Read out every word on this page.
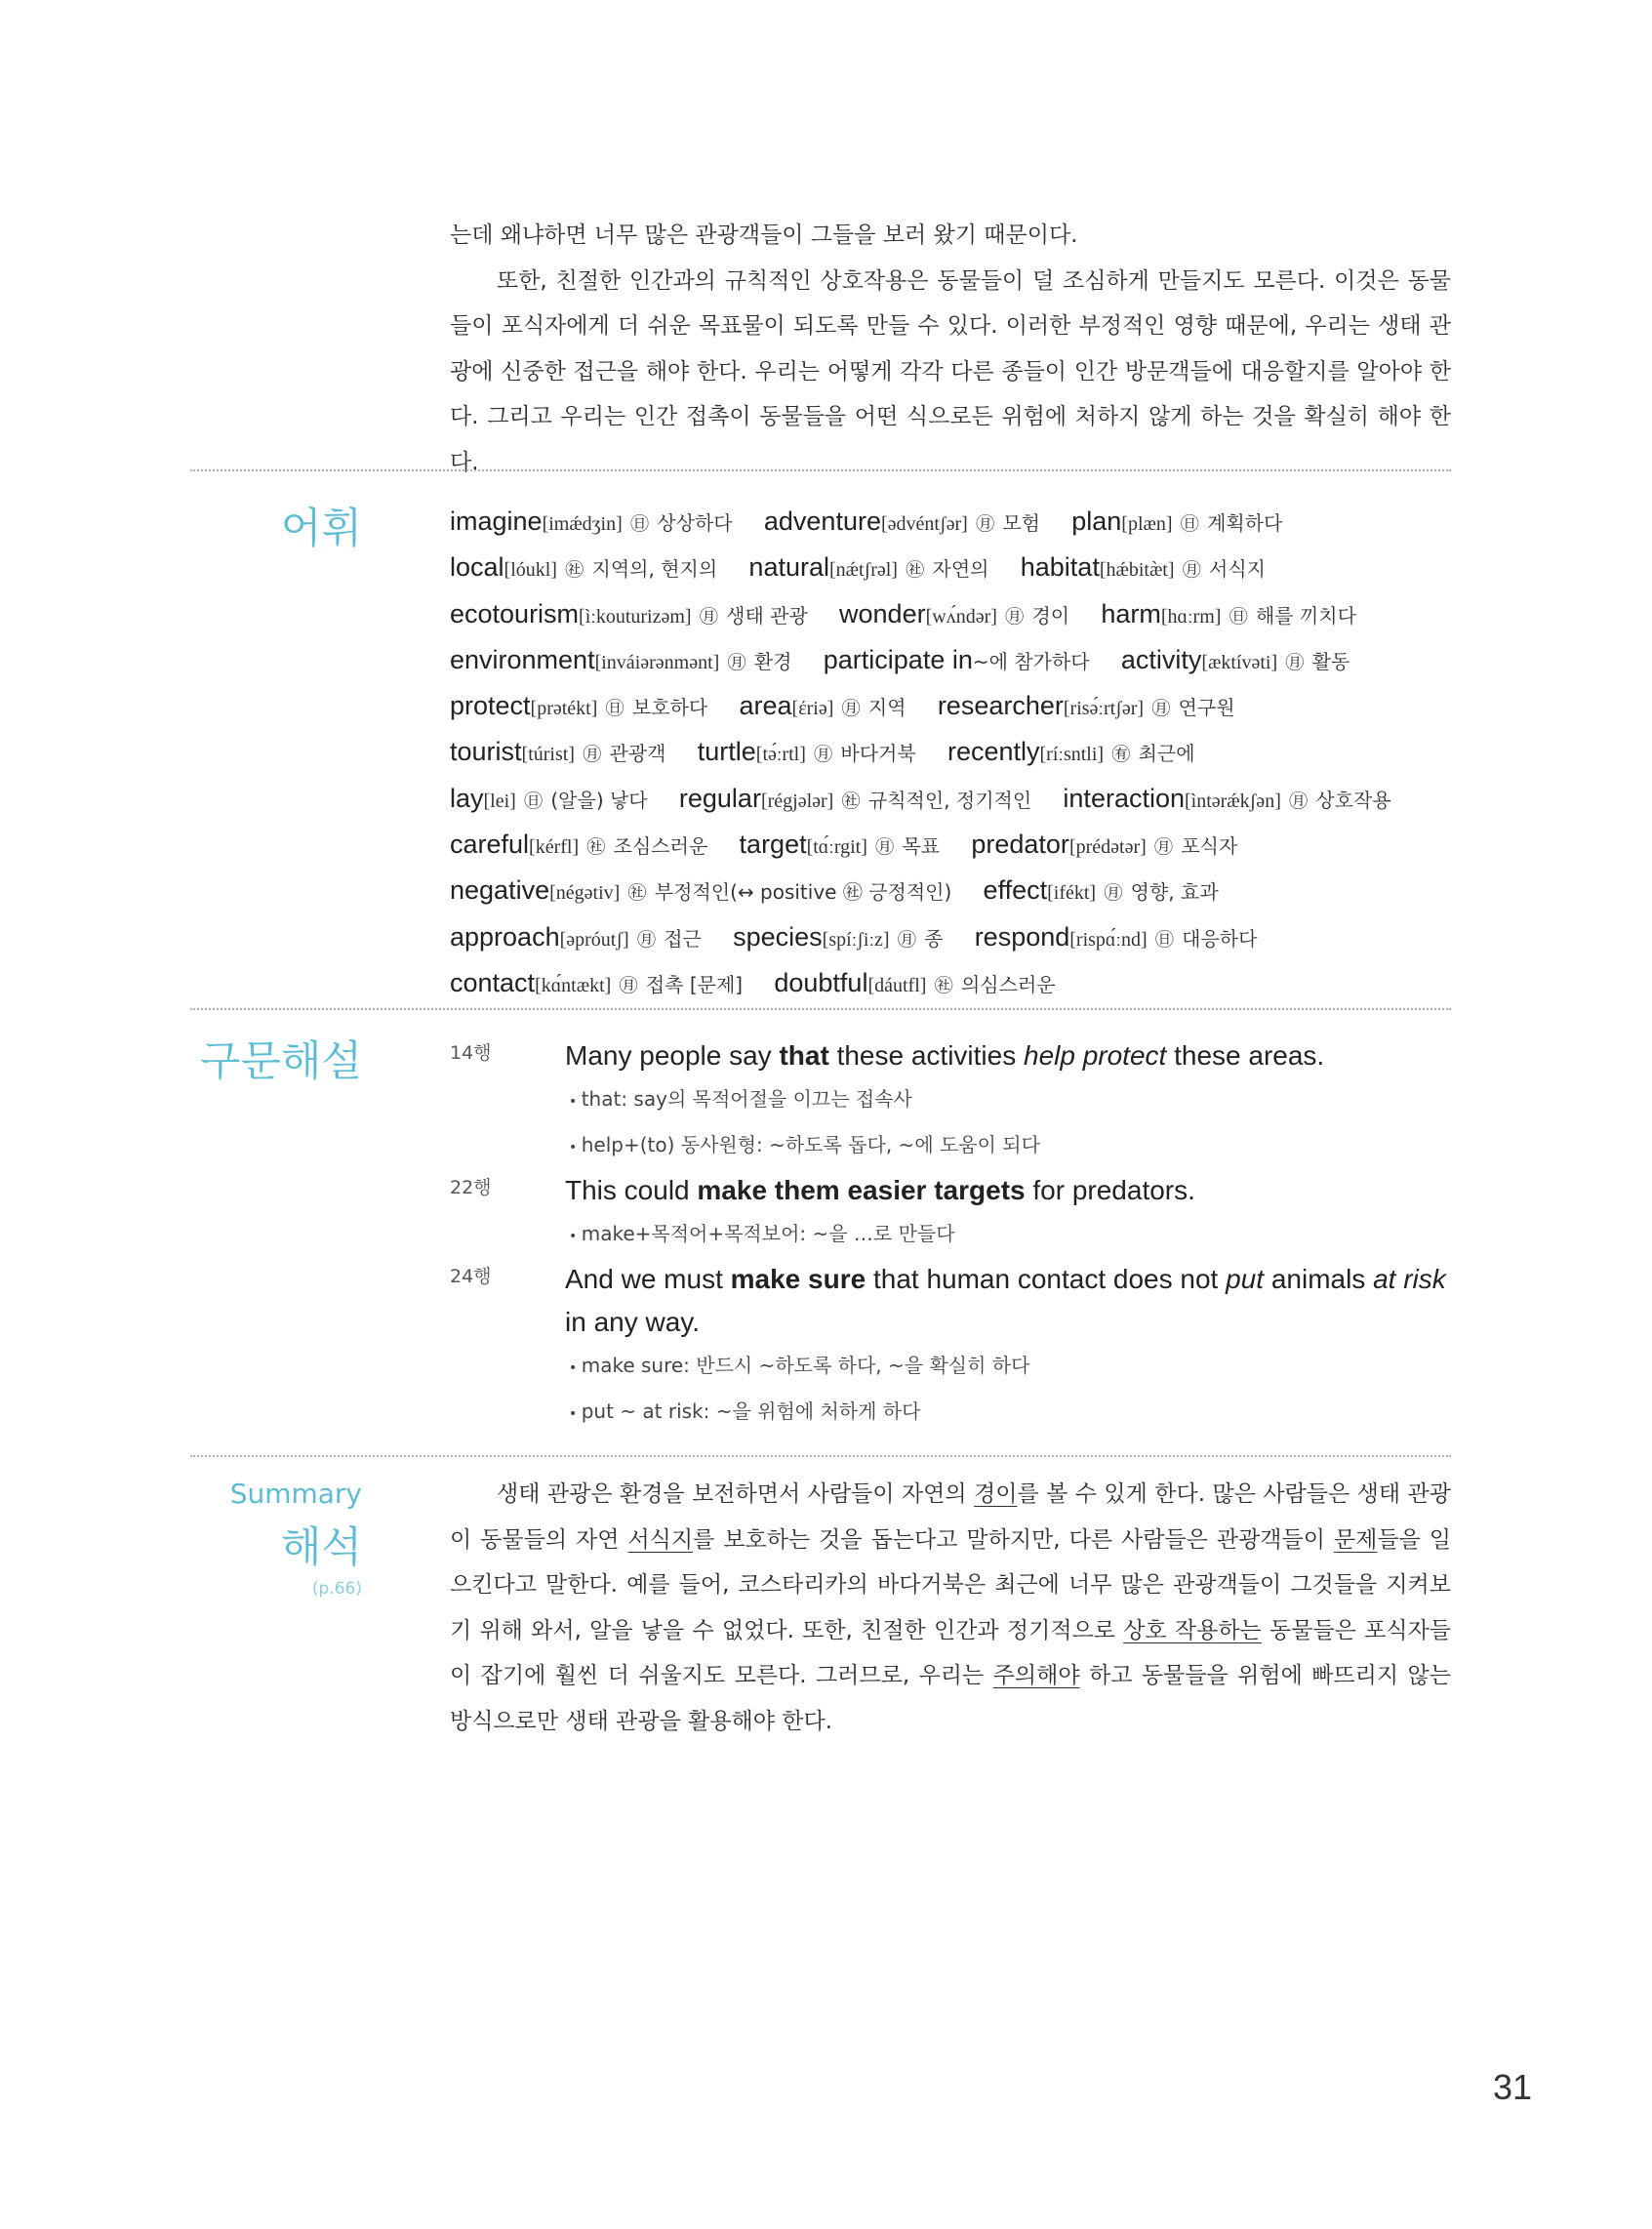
는데 왜냐하면 너무 많은 관광객들이 그들을 보러 왔기 때문이다.

또한, 친절한 인간과의 규칙적인 상호작용은 동물들이 덜 조심하게 만들지도 모른다. 이것은 동물들이 포식자에게 더 쉬운 목표물이 되도록 만들 수 있다. 이러한 부정적인 영향 때문에, 우리는 생태 관광에 신중한 접근을 해야 한다. 우리는 어떻게 각각 다른 종들이 인간 방문객들에 대응할지를 알아야 한다. 그리고 우리는 인간 접촉이 동물들을 어떤 식으로든 위험에 처하지 않게 하는 것을 확실히 해야 한다.

어휘	imagine[imǽdʒin] ㊐ 상상하다 adventure[ədvéntʃər] ㊊ 모험 plan[plæn] ㊐ 계획하다 local[lóukl] ㊓ 지역의, 현지의 natural[nǽtʃrəl] ㊓ 자연의 habitat[hǽbitæ̀t] ㊊ 서식지 ecotourism[ìːkouturizəm] ㊊ 생태 관광 wonder[wʌ́ndər] ㊊ 경이 harm[hɑːrm] ㊐ 해를 끼치다 environment[inváiərənmənt] ㊊ 환경 participate in~에 참가하다 activity[æktívəti] ㊊ 활동 protect[prətékt] ㊐ 보호하다 area[έriə] ㊊ 지역 researcher[risə́ːrtʃər] ㊊ 연구원 tourist[túrist] ㊊ 관광객 turtle[tə́ːrtl] ㊊ 바다거북 recently[ríːsntli] ㊒ 최근에 lay[lei] ㊐ (알을) 낳다 regular[régjələr] ㊓ 규칙적인, 정기적인 interaction[ìntərǽkʃən] ㊊ 상호작용 careful[kérfl] ㊓ 조심스러운 target[tɑ́ːrgit] ㊊ 목표 predator[prédətər] ㊊ 포식자 negative[négətiv] ㊓ 부정적인(↔ positive ㊓ 긍정적인) effect[ifékt] ㊊ 영향, 효과 approach[əpróutʃ] ㊊ 접근 species[spíːʃiːz] ㊊ 종 respond[rispɑ́ːnd] ㊐ 대응하다 contact[kɑ́ntækt] ㊊ 접촉 [문제] doubtful[dáutfl] ㊓ 의심스러운
구문해설	14행	Many people say that these activities help protect these areas.
• that: say의 목적어절을 이끄는 접속사
• help+(to) 동사원형: ~하도록 돕다, ~에 도움이 되다
22행	This could make them easier targets for predators.
• make+목적어+목적보어: ~을 …로 만들다
24행	And we must make sure that human contact does not put animals at risk in any way.
• make sure: 반드시 ~하도록 하다, ~을 확실히 하다
• put ~ at risk: ~을 위험에 처하게 하다
Summary
해석
(p.66)

생태 관광은 환경을 보전하면서 사람들이 자연의 경이를 볼 수 있게 한다. 많은 사람들은 생태 관광이 동물들의 자연 서식지를 보호하는 것을 돕는다고 말하지만, 다른 사람들은 관광객들이 문제들을 일으킨다고 말한다. 예를 들어, 코스타리카의 바다거북은 최근에 너무 많은 관광객들이 그것들을 지켜보기 위해 와서, 알을 낳을 수 없었다. 또한, 친절한 인간과 정기적으로 상호 작용하는 동물들은 포식자들이 잡기에 훨씬 더 쉬울지도 모른다. 그러므로, 우리는 주의해야 하고 동물들을 위험에 빠뜨리지 않는 방식으로만 생태 관광을 활용해야 한다.

31
